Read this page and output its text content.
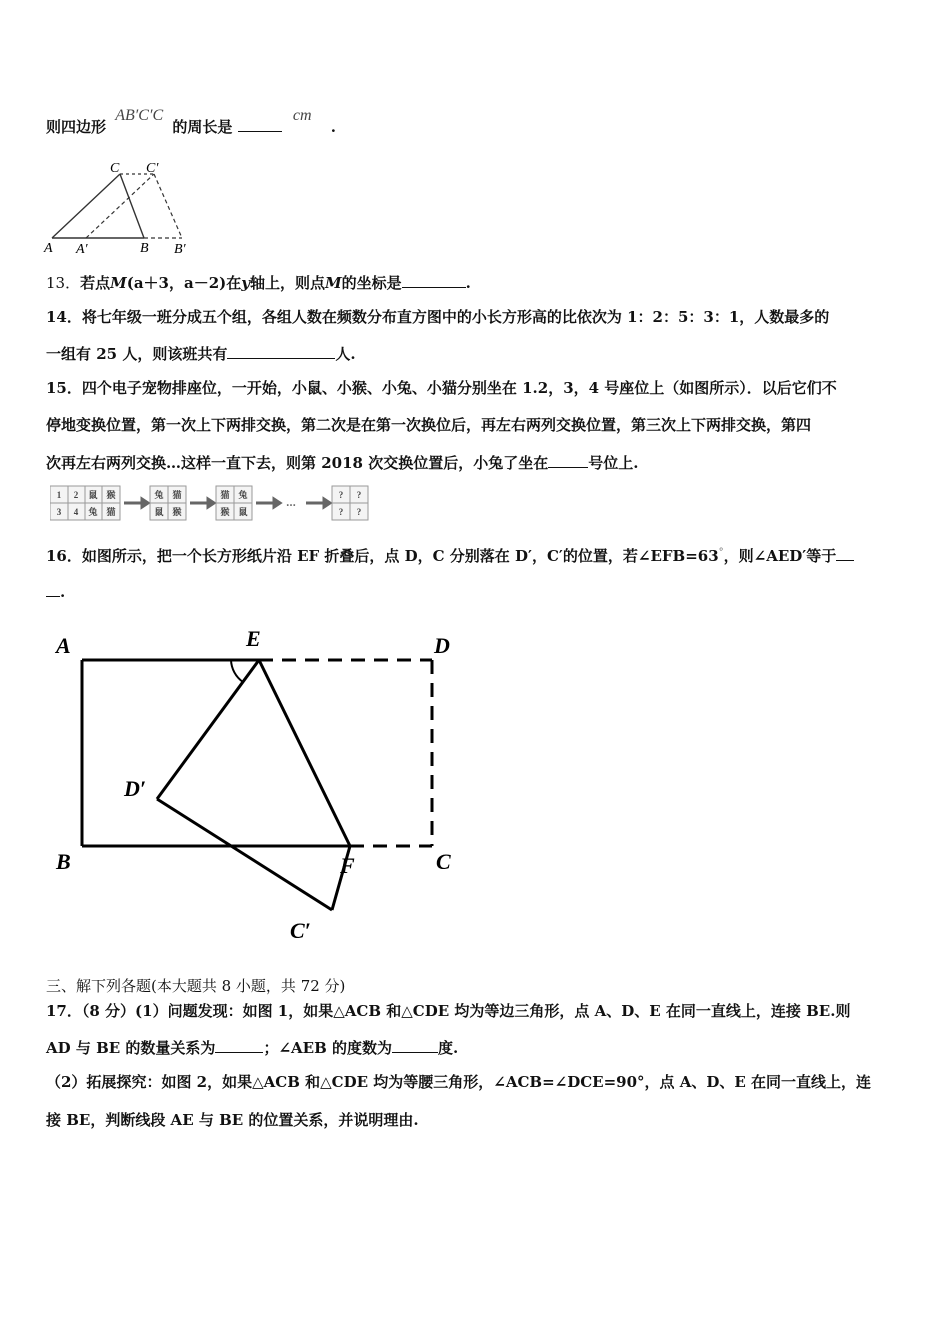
则四边形 AB′C′C 的周长是  cm .
A A′	B B′
C C′
13．若点M(a＋3，a－2)在y轴上，则点M的坐标是	.
14．将七年级一班分成五个组，各组人数在频数分布直方图中的小长方形高的比依次为 1：2：5：3：1，人数最多的
一组有 25 人，则该班共有	人.
15．四个电子宠物排座位，一开始，小鼠、小猴、小兔、小猫分别坐在 1.2，3，4 号座位上（如图所示）．以后它们不
停地变换位置，第一次上下两排交换，第二次是在第一次换位后，再左右两列交换位置，第三次上下两排交换，第四
次再左右两列交换…这样一直下去，则第 2018 次交换位置后，小兔了坐在	号位上.
1 2 鼠 猴
3 4 兔 猫
兔 猫
鼠 猴
猫 兔
猴 鼠
…
? ?
? ?
16．如图所示，把一个长方形纸片沿 EF 折叠后，点 D，C 分别落在 D′，C′的位置，若∠EFB=63°，则∠AED′等于
.
A	E	D
D′
B	F	C
C′
三、解下列各题(本大题共 8 小题，共 72 分)
17．（8 分）(1）问题发现：如图 1，如果△ACB 和△CDE 均为等边三角形，点 A、D、E 在同一直线上，连接 BE.则
AD 与 BE 的数量关系为	；∠AEB 的度数为	度.
（2）拓展探究：如图 2，如果△ACB 和△CDE 均为等腰三角形，∠ACB=∠DCE=90°，点 A、D、E 在同一直线上，连
接 BE，判断线段 AE 与 BE 的位置关系，并说明理由.
